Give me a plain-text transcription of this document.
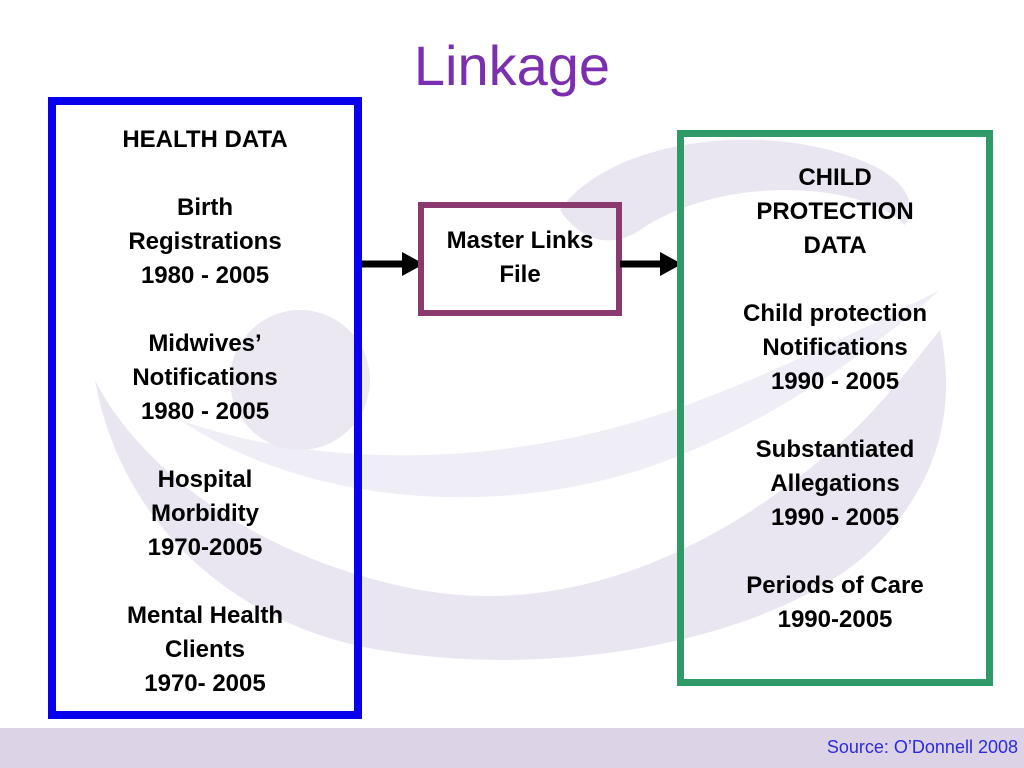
Linkage
HEALTH DATA
Birth
Registrations
1980 - 2005
Midwives’
Notifications
1980 - 2005
Hospital
Morbidity
1970-2005
Mental Health
Clients
1970- 2005
Master Links
File
CHILD
PROTECTION
DATA
Child protection
Notifications
1990 - 2005
Substantiated
Allegations
1990 - 2005
Periods of Care
1990-2005
Source: O’Donnell 2008
